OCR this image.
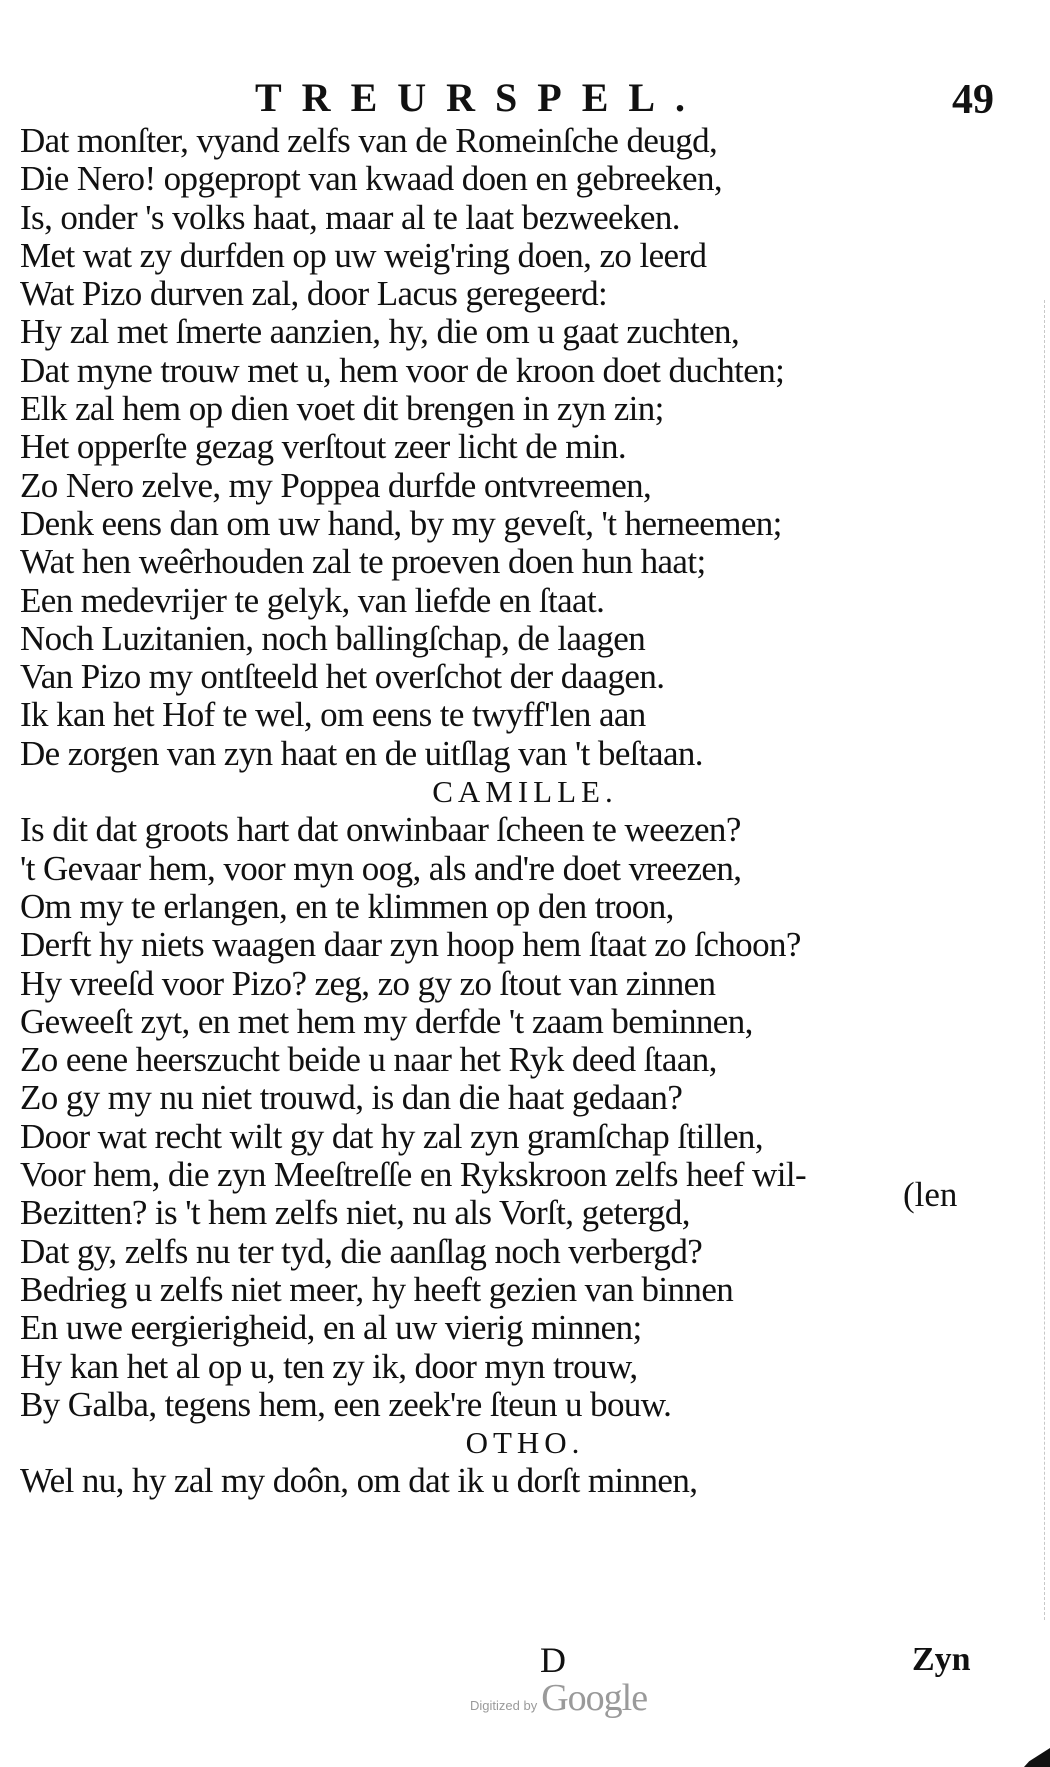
TREURSPEL.	49
Dat monſter, vyand zelfs van de Romeinſche deugd,
Die Nero! opgepropt van kwaad doen en gebreeken,
Is, onder 's volks haat, maar al te laat bezweeken.
Met wat zy durfden op uw weig'ring doen, zo leerd
Wat Pizo durven zal, door Lacus geregeerd:
Hy zal met ſmerte aanzien, hy, die om u gaat zuchten,
Dat myne trouw met u, hem voor de kroon doet duchten;
Elk zal hem op dien voet dit brengen in zyn zin;
Het opperſte gezag verſtout zeer licht de min.
Zo Nero zelve, my Poppea durfde ontvreemen,
Denk eens dan om uw hand, by my geveſt, 't herneemen;
Wat hen weêrhouden zal te proeven doen hun haat;
Een medevrijer te gelyk, van liefde en ſtaat.
Noch Luzitanien, noch ballingſchap, de laagen
Van Pizo my ontſteeld het overſchot der daagen.
Ik kan het Hof te wel, om eens te twyff'len aan
De zorgen van zyn haat en de uitſlag van 't beſtaan.
CAMILLE.
Is dit dat groots hart dat onwinbaar ſcheen te weezen?
't Gevaar hem, voor myn oog, als and're doet vreezen,
Om my te erlangen, en te klimmen op den troon,
Derft hy niets waagen daar zyn hoop hem ſtaat zo ſchoon?
Hy vreeſd voor Pizo? zeg, zo gy zo ſtout van zinnen
Geweeſt zyt, en met hem my derfde 't zaam beminnen,
Zo eene heerszucht beide u naar het Ryk deed ſtaan,
Zo gy my nu niet trouwd, is dan die haat gedaan?
Door wat recht wilt gy dat hy zal zyn gramſchap ſtillen,
Voor hem, die zyn Meeſtreſſe en Rykskroon zelfs heef wil-
Bezitten? is 't hem zelfs niet, nu als Vorſt, getergd,
Dat gy, zelfs nu ter tyd, die aanſlag noch verbergd?
Bedrieg u zelfs niet meer, hy heeft gezien van binnen
En uwe eergierigheid, en al uw vierig minnen;
Hy kan het al op u, ten zy ik, door myn trouw,
By Galba, tegens hem, een zeek're ſteun u bouw.
OTHO.
Wel nu, hy zal my doôn, om dat ik u dorſt minnen,
(len
D	Zyn
Digitized by Google
